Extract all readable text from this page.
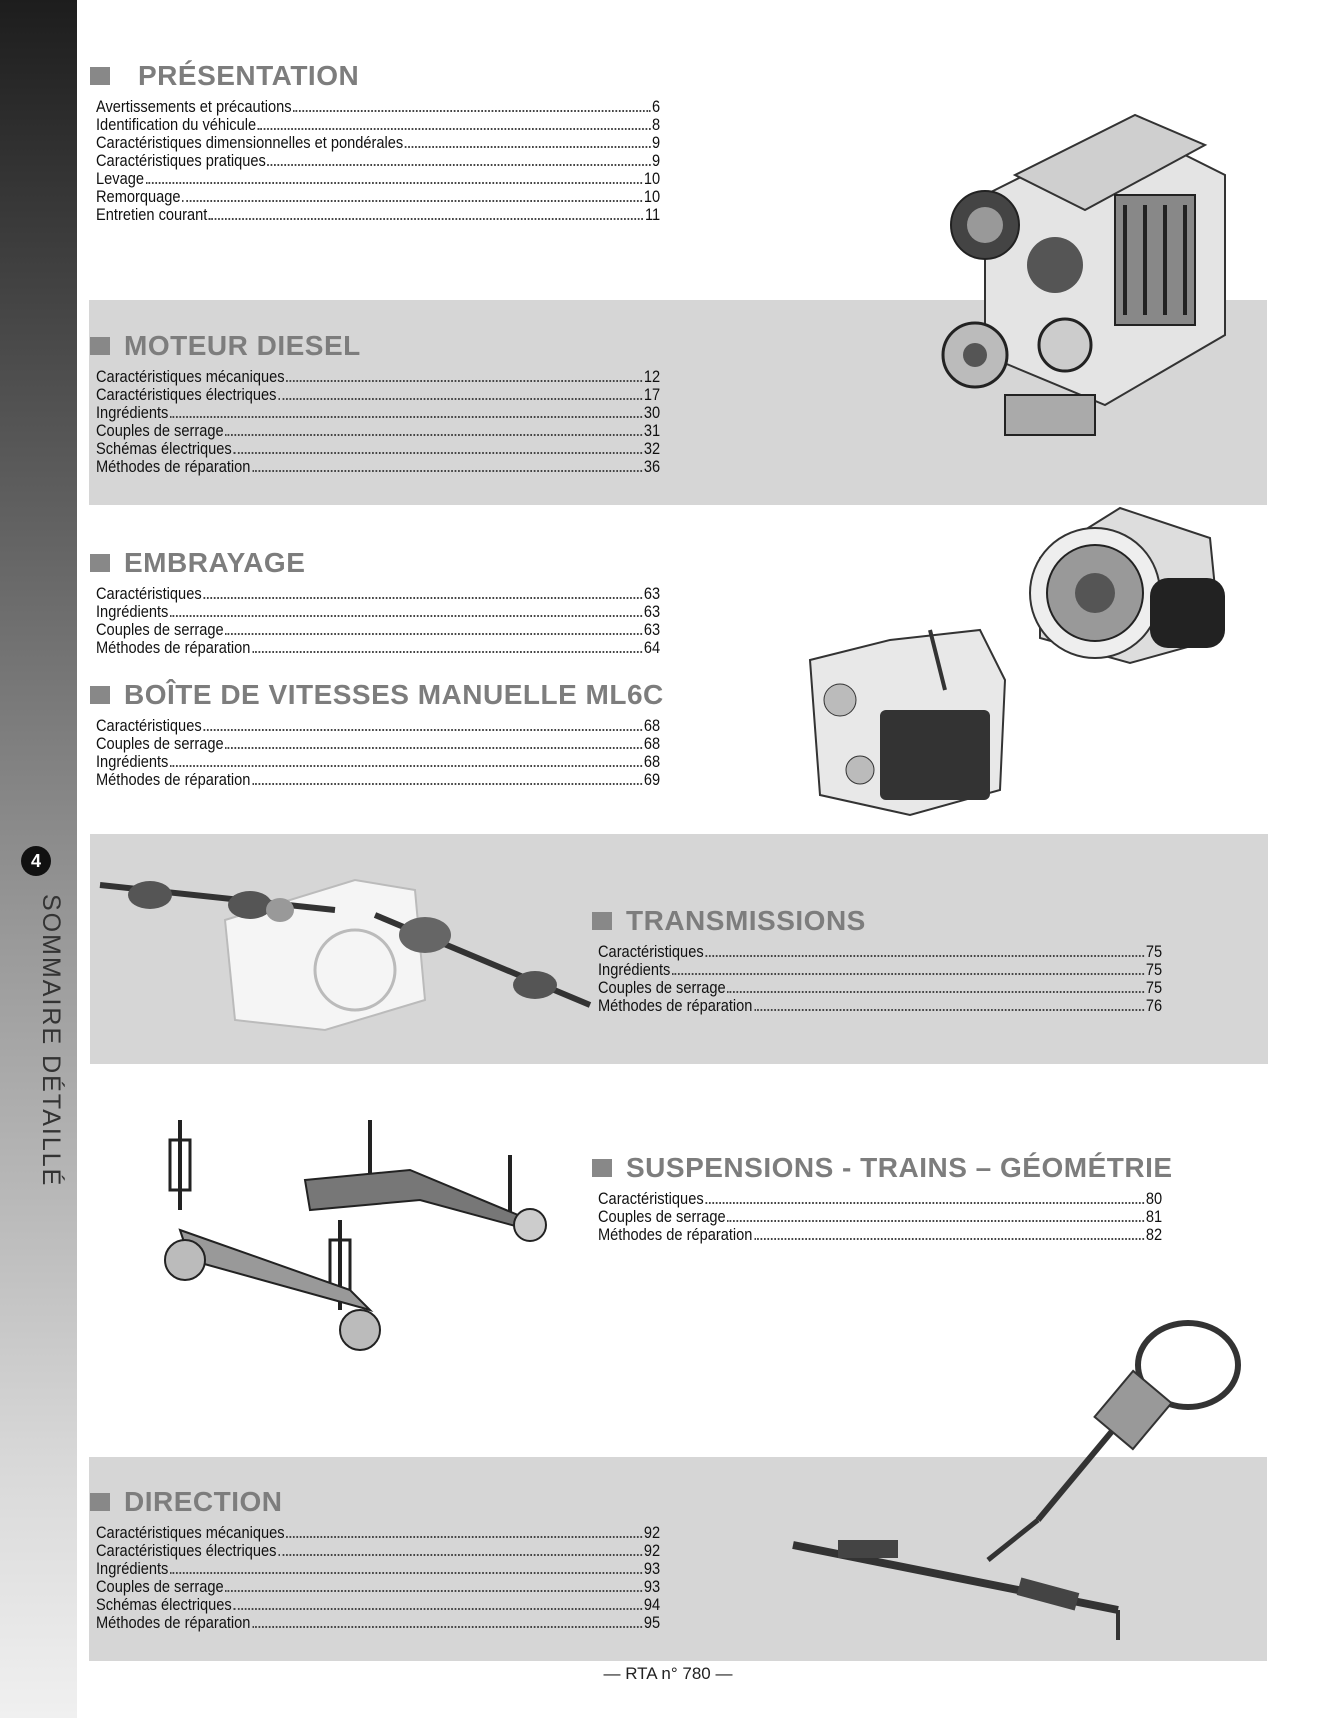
4
SOMMAIRE DÉTAILLÉ
PRÉSENTATION
Avertissements et précautions	6
Identification du véhicule	8
Caractéristiques dimensionnelles et pondérales	9
Caractéristiques pratiques	9
Levage	10
Remorquage	10
Entretien courant	11
MOTEUR DIESEL
Caractéristiques mécaniques	12
Caractéristiques électriques	17
Ingrédients	30
Couples de serrage	31
Schémas électriques	32
Méthodes de réparation	36
EMBRAYAGE
Caractéristiques	63
Ingrédients	63
Couples de serrage	63
Méthodes de réparation	64
BOÎTE DE VITESSES MANUELLE ML6C
Caractéristiques	68
Couples de serrage	68
Ingrédients	68
Méthodes de réparation	69
TRANSMISSIONS
Caractéristiques	75
Ingrédients	75
Couples de serrage	75
Méthodes de réparation	76
SUSPENSIONS - TRAINS – GÉOMÉTRIE
Caractéristiques	80
Couples de serrage	81
Méthodes de réparation	82
DIRECTION
Caractéristiques mécaniques	92
Caractéristiques électriques	92
Ingrédients	93
Couples de serrage	93
Schémas électriques	94
Méthodes de réparation	95
— RTA n° 780 —
